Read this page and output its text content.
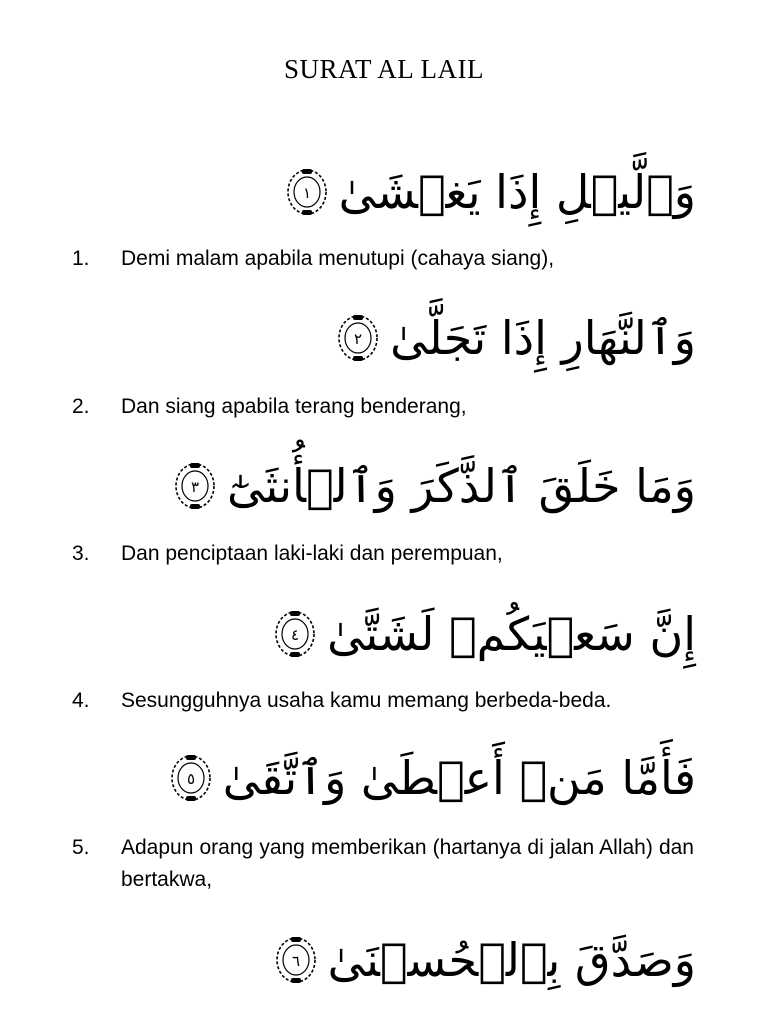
SURAT AL LAIL
وَٱلَّيۡلِ إِذَا يَغۡشَىٰ
١
1.	Demi malam apabila menutupi (cahaya siang),
وَٱلنَّهَارِ إِذَا تَجَلَّىٰ
٢
2.	Dan siang apabila terang benderang,
وَمَا خَلَقَ ٱلذَّكَرَ وَٱلۡأُنثَىٰٓ
٣
3.	Dan penciptaan laki-laki dan perempuan,
إِنَّ سَعۡيَكُمۡ لَشَتَّىٰ
٤
4.	Sesungguhnya usaha kamu memang berbeda-beda.
فَأَمَّا مَنۡ أَعۡطَىٰ وَٱتَّقَىٰ
٥
5.	Adapun orang yang memberikan (hartanya di jalan Allah) dan bertakwa,
وَصَدَّقَ بِٱلۡحُسۡنَىٰ
٦
